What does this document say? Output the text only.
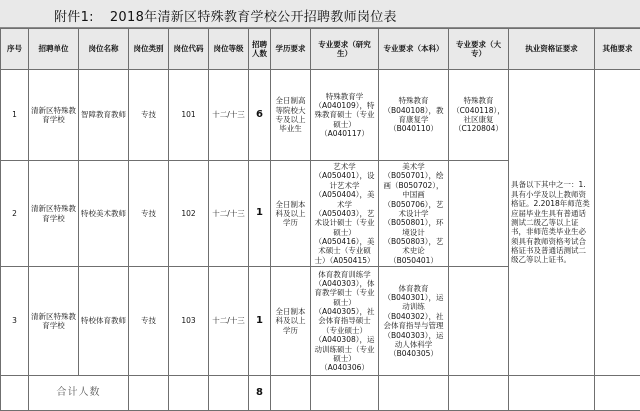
附件1: 2018年清新区特殊教育学校公开招聘教师岗位表
序号	招聘单位	岗位名称	岗位类别	岗位代码	岗位等级	招聘人数	学历要求	专业要求（研究生）	专业要求（本科）	专业要求（大专）	执业资格证要求	其他要求
1	清新区特殊教育学校	智障教育教师	专技	101	十二/十三	6	全日制高等院校大专及以上毕业生	特殊教育学（A040109），特殊教育硕士（专业硕士）（A040117）	特殊教育（B040108），教育康复学（B040110）	特殊教育（C040118），社区康复（C120804）	具备以下其中之一：1.具有小学及以上教师资格证。2.2018年师范类应届毕业生具有普通话测试二级乙等以上证书，非师范类毕业生必须具有教师资格考试合格证书及普通话测试二级乙等以上证书。	
2	清新区特殊教育学校	特校美术教师	专技	102	十二/十三	1	全日制本科及以上学历	艺术学（A050401），设计艺术学（A050404），美术学（A050403），艺术设计硕士（专业硕士）（A050416），美术硕士（专业硕士）（A050415）	美术学（B050701），绘画（B050702），中国画（B050706），艺术设计学（B050801），环境设计（B050803），艺术史论（B050401）			
3	清新区特殊教育学校	特校体育教师	专技	103	十二/十三	1	全日制本科及以上学历	体育教育训练学（A040303），体育教学硕士（专业硕士）（A040305），社会体育指导硕士（专业硕士）（A040308），运动训练硕士（专业硕士）（A040306）	体育教育（B040301），运动训练（B040302），社会体育指导与管理（B040303），运动人体科学（B040305）			
	合计人数					8						
